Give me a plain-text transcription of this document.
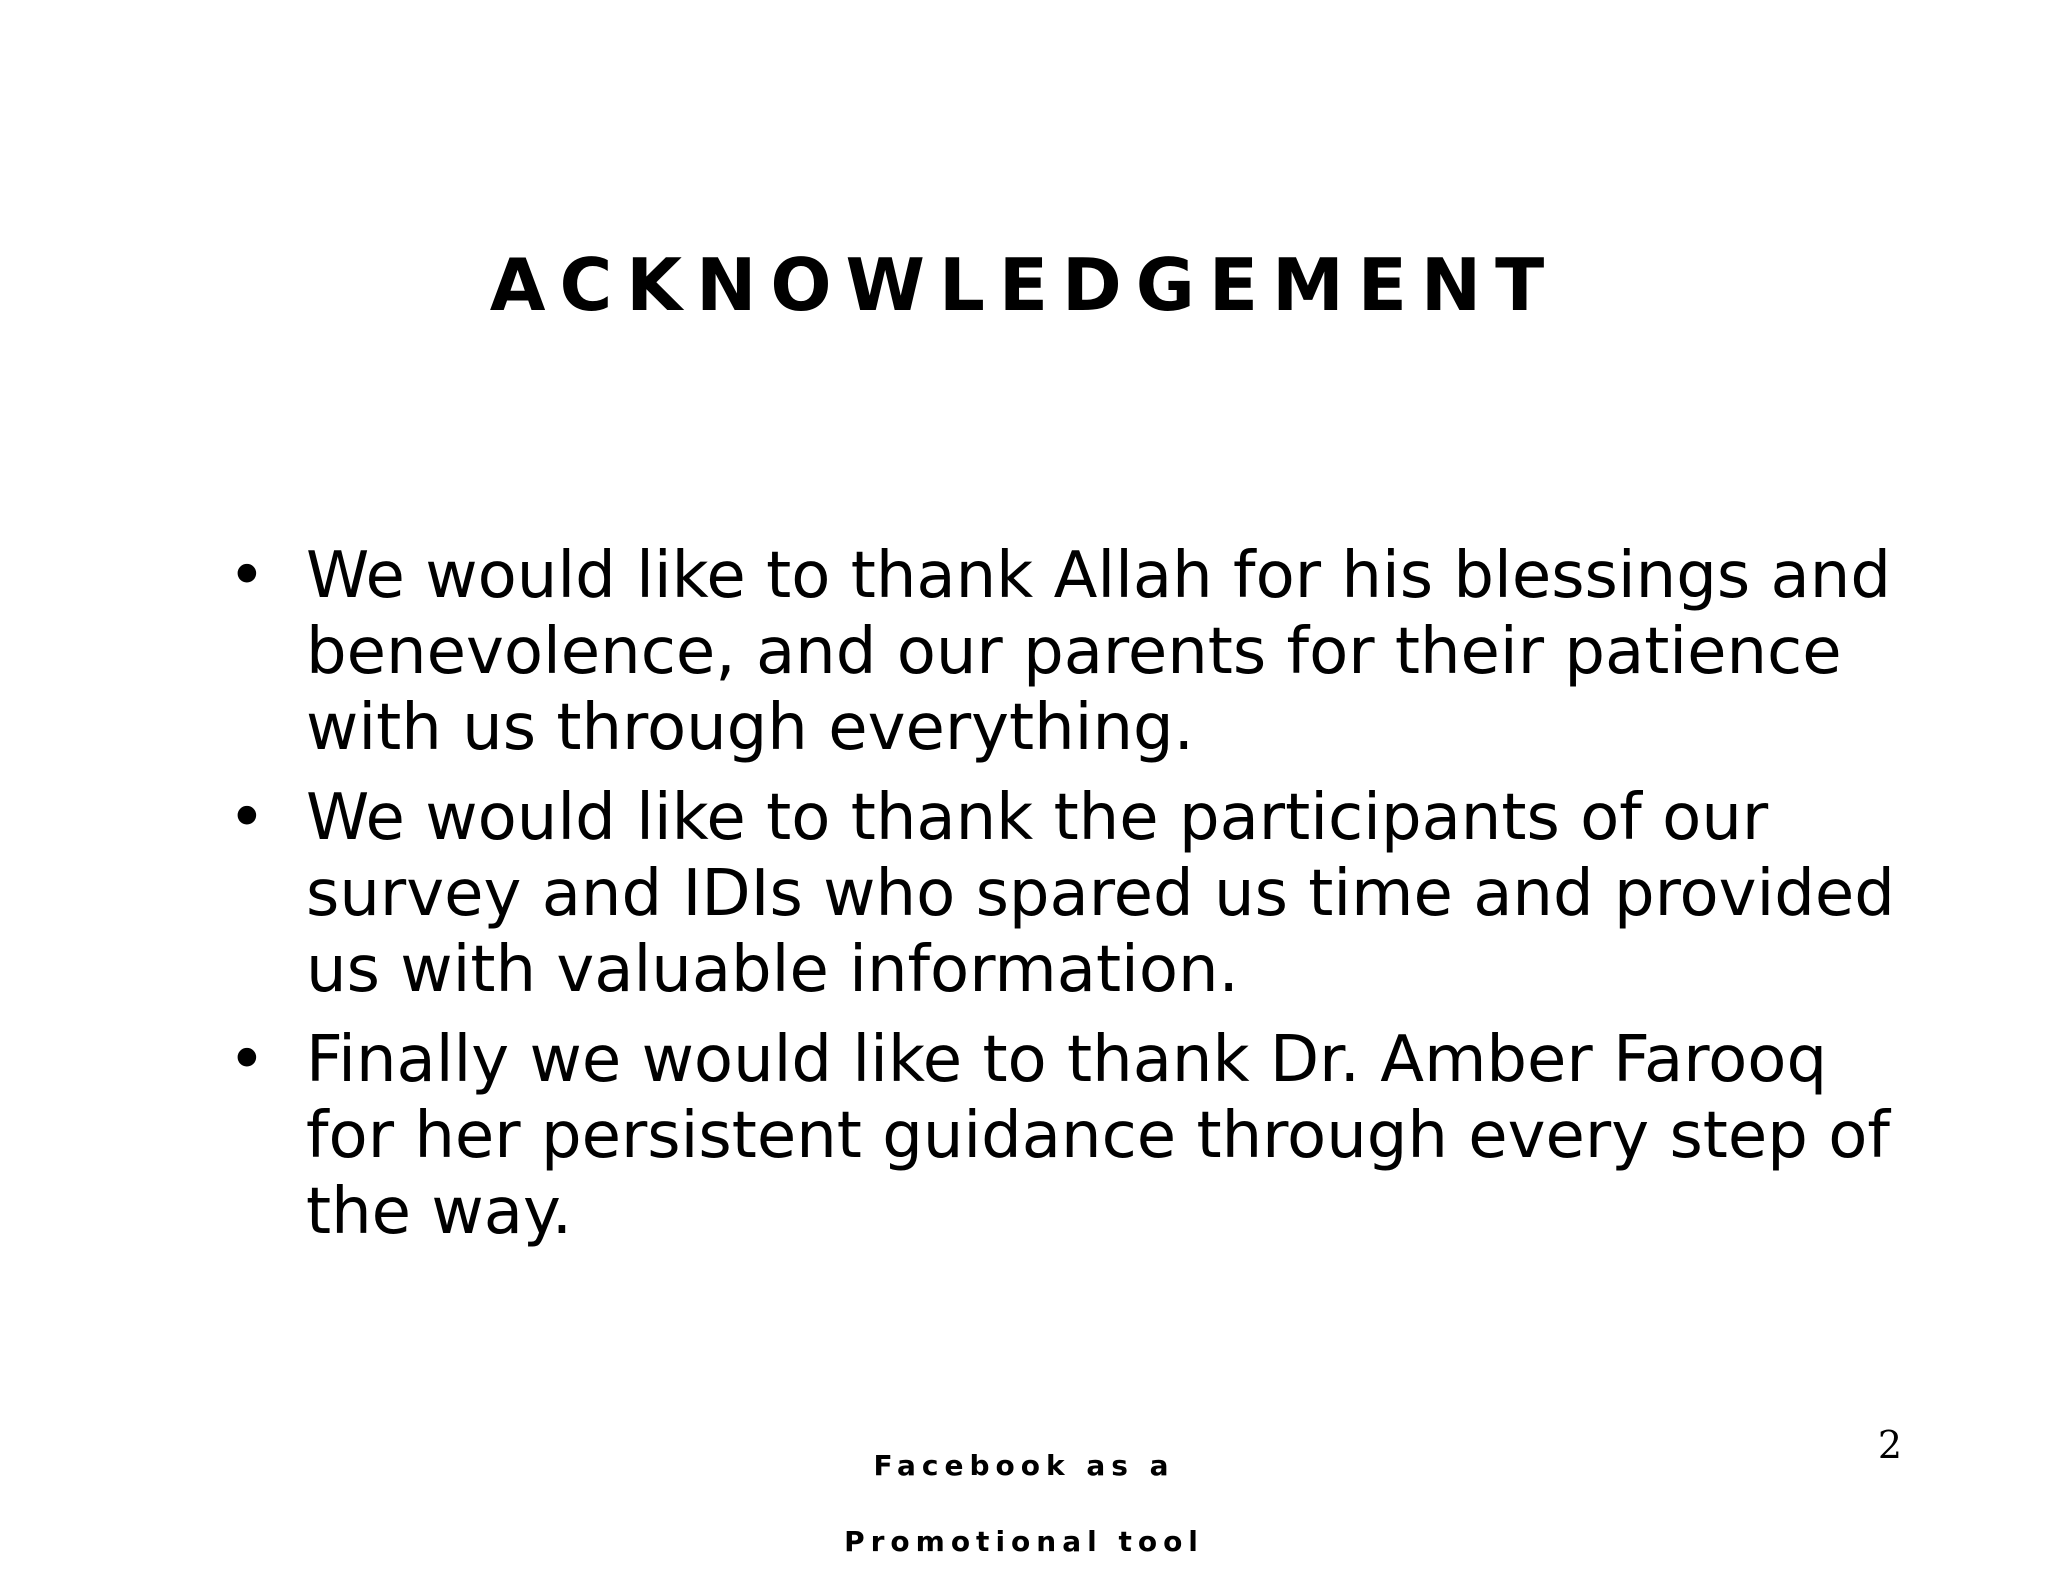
ACKNOWLEDGEMENT
• We would like to thank Allah for his blessings and benevolence, and our parents for their patience with us through everything.
• We would like to thank the participants of our survey and IDIs who spared us time and provided us with valuable information.
• Finally we would like to thank Dr. Amber Farooq for her persistent guidance through every step of the way.
Facebook as a
Promotional tool
2
